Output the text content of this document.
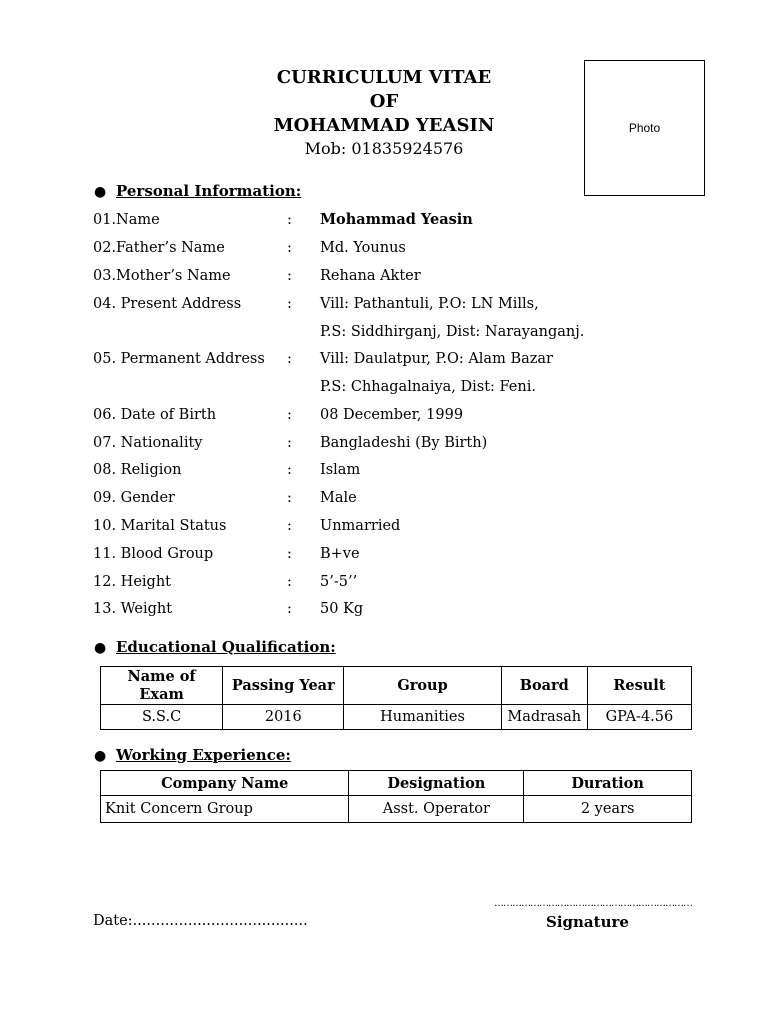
CURRICULUM VITAE
OF
MOHAMMAD YEASIN
Mob: 01835924576
Photo
● Personal Information:
01.Name	: Mohammad Yeasin
02.Father’s Name	: Md. Younus
03.Mother’s Name	: Rehana Akter
04. Present Address	: Vill: Pathantuli, P.O: LN Mills,
P.S: Siddhirganj, Dist: Narayanganj.
05. Permanent Address	: Vill: Daulatpur, P.O: Alam Bazar
P.S: Chhagalnaiya, Dist: Feni.
06. Date of Birth	: 08 December, 1999
07. Nationality	: Bangladeshi (By Birth)
08. Religion	: Islam
09. Gender	: Male
10. Marital Status	: Unmarried
11. Blood Group	: B+ve
12. Height	: 5’-5’’
13. Weight	: 50 Kg
● Educational Qualification:
Name of Exam	Passing Year	Group	Board	Result
S.S.C	2016	Humanities	Madrasah	GPA-4.56
● Working Experience:
Company Name	Designation	Duration
Knit Concern Group	Asst. Operator	2 years
Date:......................................
…………………………………………………………
Signature
